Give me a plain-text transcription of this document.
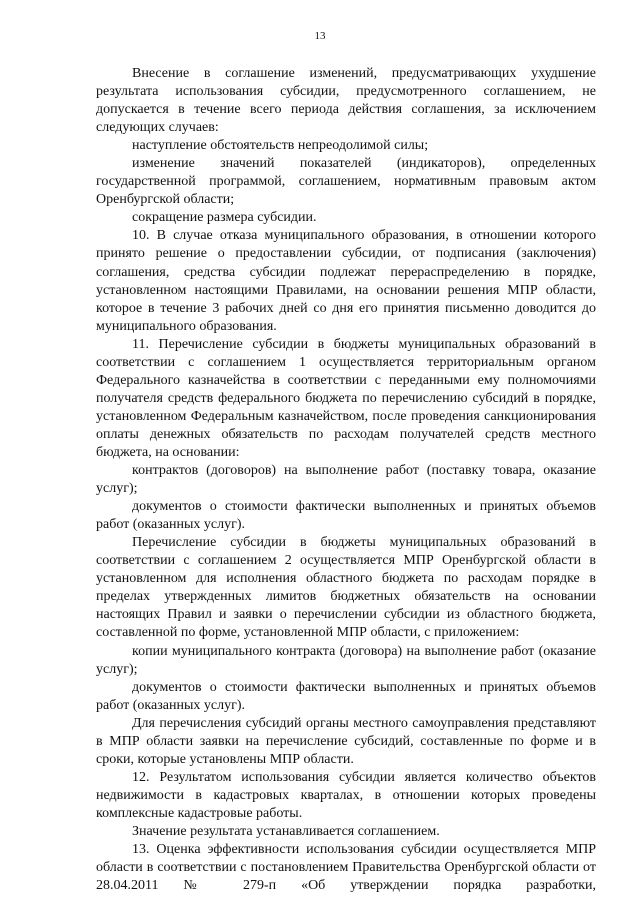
13

Внесение в соглашение изменений, предусматривающих ухудшение результата использования субсидии, предусмотренного соглашением, не допускается в течение всего периода действия соглашения, за исключением следующих случаев:

наступление обстоятельств непреодолимой силы;

изменение значений показателей (индикаторов), определенных государственной программой, соглашением, нормативным правовым актом Оренбургской области;

сокращение размера субсидии.

10. В случае отказа муниципального образования, в отношении которого принято решение о предоставлении субсидии, от подписания (заключения) соглашения, средства субсидии подлежат перераспределению в порядке, установленном настоящими Правилами, на основании решения МПР области, которое в течение 3 рабочих дней со дня его принятия письменно доводится до муниципального образования.

11. Перечисление субсидии в бюджеты муниципальных образований в соответствии с соглашением 1 осуществляется территориальным органом Федерального казначейства в соответствии с переданными ему полномочиями получателя средств федерального бюджета по перечислению субсидий в порядке, установленном Федеральным казначейством, после проведения санкционирования оплаты денежных обязательств по расходам получателей средств местного бюджета, на основании:

контрактов (договоров) на выполнение работ (поставку товара, оказание услуг);

документов о стоимости фактически выполненных и принятых объемов работ (оказанных услуг).

Перечисление субсидии в бюджеты муниципальных образований в соответствии с соглашением 2 осуществляется МПР Оренбургской области в установленном для исполнения областного бюджета по расходам порядке в пределах утвержденных лимитов бюджетных обязательств на основании настоящих Правил и заявки о перечислении субсидии из областного бюджета, составленной по форме, установленной МПР области, с приложением:

копии муниципального контракта (договора) на выполнение работ (оказание услуг);

документов о стоимости фактически выполненных и принятых объемов работ (оказанных услуг).

Для перечисления субсидий органы местного самоуправления представляют в МПР области заявки на перечисление субсидий, составленные по форме и в сроки, которые установлены МПР области.

12. Результатом использования субсидии является количество объектов недвижимости в кадастровых кварталах, в отношении которых проведены комплексные кадастровые работы.

Значение результата устанавливается соглашением.

13. Оценка эффективности использования субсидии осуществляется МПР области в соответствии с постановлением Правительства Оренбургской области от 28.04.2011 № 279-п «Об утверждении порядка разработки,
